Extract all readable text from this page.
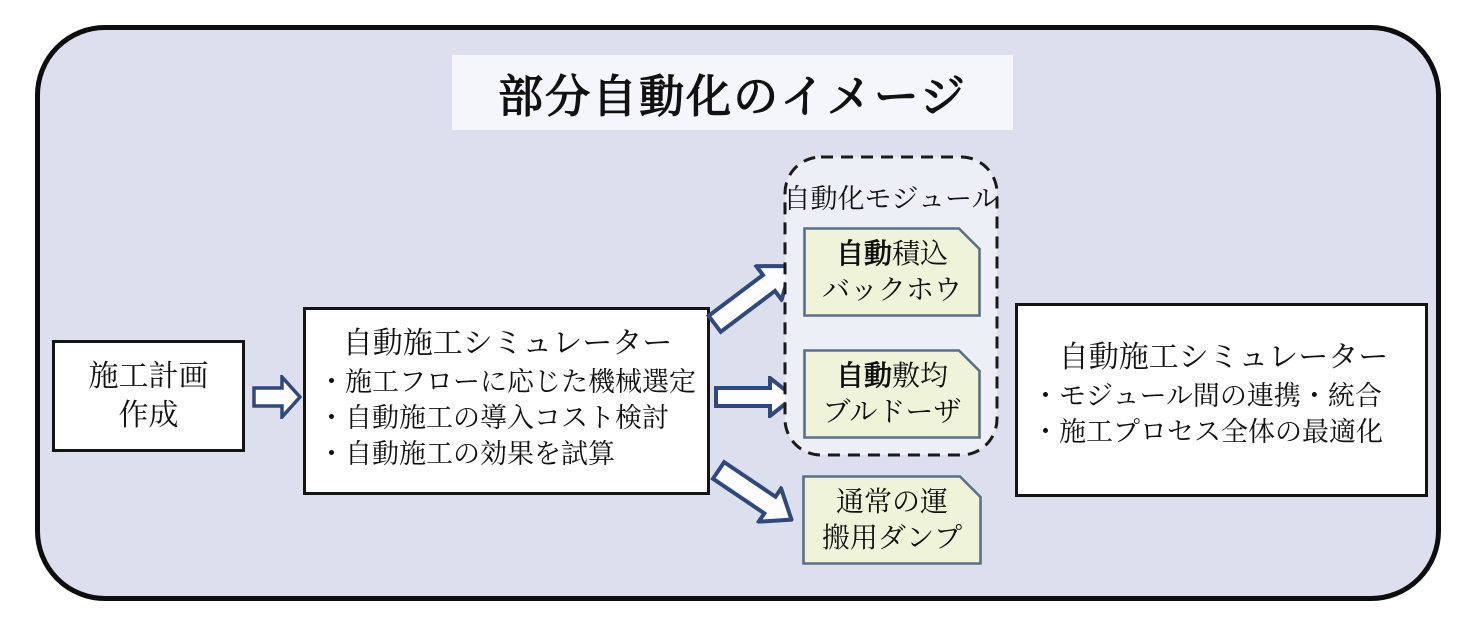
部分自動化のイメージ
施工計画
作成
自動施工シミュレーター
・施工フローに応じた機械選定
・自動施工の導入コスト検討
・自動施工の効果を試算
自動化モジュール
自動積込
バックホウ
自動敷均
ブルドーザ
通常の運
搬用ダンプ
自動施工シミュレーター
・モジュール間の連携・統合
・施工プロセス全体の最適化
